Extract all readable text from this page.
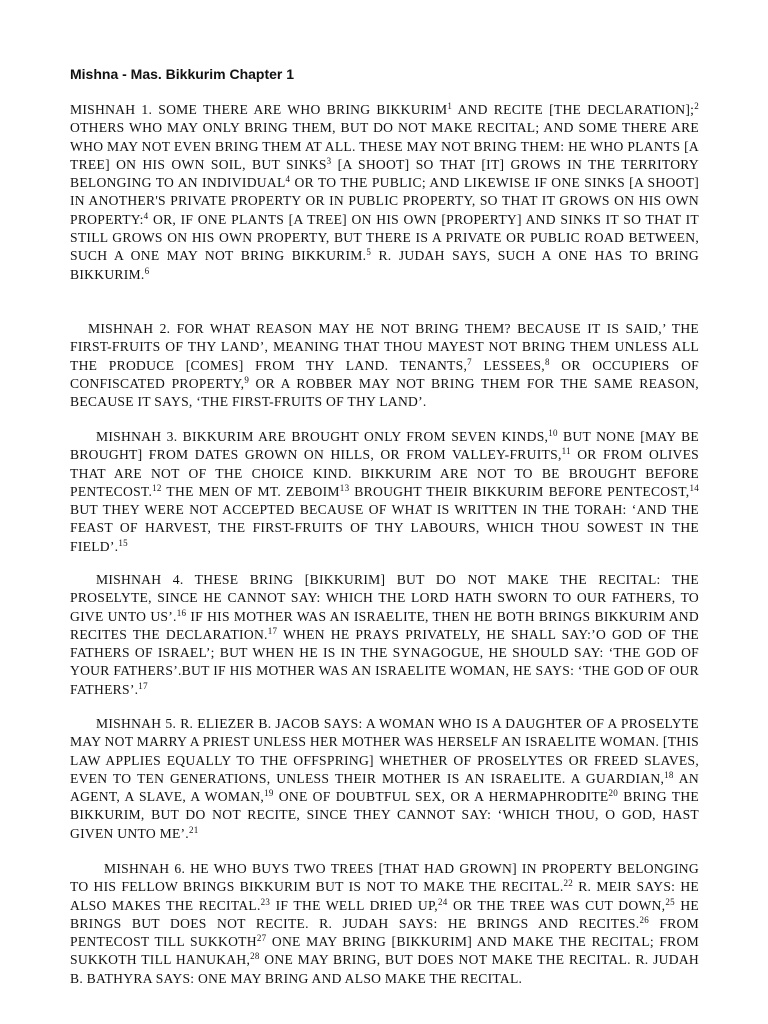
Mishna - Mas. Bikkurim Chapter 1

MISHNAH 1. SOME THERE ARE WHO BRING BIKKURIM$^1$ AND RECITE [THE DECLARATION];$^2$ OTHERS WHO MAY ONLY BRING THEM, BUT DO NOT MAKE RECITAL; AND SOME THERE ARE WHO MAY NOT EVEN BRING THEM AT ALL. THESE MAY NOT BRING THEM: HE WHO PLANTS [A TREE] ON HIS OWN SOIL, BUT SINKS$^3$ [A SHOOT] SO THAT [IT] GROWS IN THE TERRITORY BELONGING TO AN INDIVIDUAL$^4$ OR TO THE PUBLIC; AND LIKEWISE IF ONE SINKS [A SHOOT] IN ANOTHER'S PRIVATE PROPERTY OR IN PUBLIC PROPERTY, SO THAT IT GROWS ON HIS OWN PROPERTY:$^4$ OR, IF ONE PLANTS [A TREE] ON HIS OWN [PROPERTY] AND SINKS IT SO THAT IT STILL GROWS ON HIS OWN PROPERTY, BUT THERE IS A PRIVATE OR PUBLIC ROAD BETWEEN, SUCH A ONE MAY NOT BRING BIKKURIM.$^5$ R. JUDAH SAYS, SUCH A ONE HAS TO BRING BIKKURIM.$^6$

MISHNAH 2. FOR WHAT REASON MAY HE NOT BRING THEM? BECAUSE IT IS SAID,’ THE FIRST-FRUITS OF THY LAND’, MEANING THAT THOU MAYEST NOT BRING THEM UNLESS ALL THE PRODUCE [COMES] FROM THY LAND. TENANTS,$^7$ LESSEES,$^8$ OR OCCUPIERS OF CONFISCATED PROPERTY,$^9$ OR A ROBBER MAY NOT BRING THEM FOR THE SAME REASON, BECAUSE IT SAYS, ‘THE FIRST-FRUITS OF THY LAND’.

MISHNAH 3. BIKKURIM ARE BROUGHT ONLY FROM SEVEN KINDS,$^{10}$ BUT NONE [MAY BE BROUGHT] FROM DATES GROWN ON HILLS, OR FROM VALLEY-FRUITS,$^{11}$ OR FROM OLIVES THAT ARE NOT OF THE CHOICE KIND. BIKKURIM ARE NOT TO BE BROUGHT BEFORE PENTECOST.$^{12}$ THE MEN OF MT. ZEBOIM$^{13}$ BROUGHT THEIR BIKKURIM BEFORE PENTECOST,$^{14}$ BUT THEY WERE NOT ACCEPTED BECAUSE OF WHAT IS WRITTEN IN THE TORAH: ‘AND THE FEAST OF HARVEST, THE FIRST-FRUITS OF THY LABOURS, WHICH THOU SOWEST IN THE FIELD’.$^{15}$

MISHNAH 4. THESE BRING [BIKKURIM] BUT DO NOT MAKE THE RECITAL: THE PROSELYTE, SINCE HE CANNOT SAY: WHICH THE LORD HATH SWORN TO OUR FATHERS, TO GIVE UNTO US’.$^{16}$ IF HIS MOTHER WAS AN ISRAELITE, THEN HE BOTH BRINGS BIKKURIM AND RECITES THE DECLARATION.$^{17}$ WHEN HE PRAYS PRIVATELY, HE SHALL SAY:’O GOD OF THE FATHERS OF ISRAEL’; BUT WHEN HE IS IN THE SYNAGOGUE, HE SHOULD SAY: ‘THE GOD OF YOUR FATHERS’.BUT IF HIS MOTHER WAS AN ISRAELITE WOMAN, HE SAYS: ‘THE GOD OF OUR FATHERS’.$^{17}$

MISHNAH 5. R. ELIEZER B. JACOB SAYS: A WOMAN WHO IS A DAUGHTER OF A PROSELYTE MAY NOT MARRY A PRIEST UNLESS HER MOTHER WAS HERSELF AN ISRAELITE WOMAN. [THIS LAW APPLIES EQUALLY TO THE OFFSPRING] WHETHER OF PROSELYTES OR FREED SLAVES, EVEN TO TEN GENERATIONS, UNLESS THEIR MOTHER IS AN ISRAELITE. A GUARDIAN,$^{18}$ AN AGENT, A SLAVE, A WOMAN,$^{19}$ ONE OF DOUBTFUL SEX, OR A HERMAPHRODITE$^{20}$ BRING THE BIKKURIM, BUT DO NOT RECITE, SINCE THEY CANNOT SAY: ‘WHICH THOU, O GOD, HAST GIVEN UNTO ME’.$^{21}$

MISHNAH 6. HE WHO BUYS TWO TREES [THAT HAD GROWN] IN PROPERTY BELONGING TO HIS FELLOW BRINGS BIKKURIM BUT IS NOT TO MAKE THE RECITAL.$^{22}$ R. MEIR SAYS: HE ALSO MAKES THE RECITAL.$^{23}$ IF THE WELL DRIED UP,$^{24}$ OR THE TREE WAS CUT DOWN,$^{25}$ HE BRINGS BUT DOES NOT RECITE. R. JUDAH SAYS: HE BRINGS AND RECITES.$^{26}$ FROM PENTECOST TILL SUKKOTH$^{27}$ ONE MAY BRING [BIKKURIM] AND MAKE THE RECITAL; FROM SUKKOTH TILL HANUKAH,$^{28}$ ONE MAY BRING, BUT DOES NOT MAKE THE RECITAL. R. JUDAH B. BATHYRA SAYS: ONE MAY BRING AND ALSO MAKE THE RECITAL.
